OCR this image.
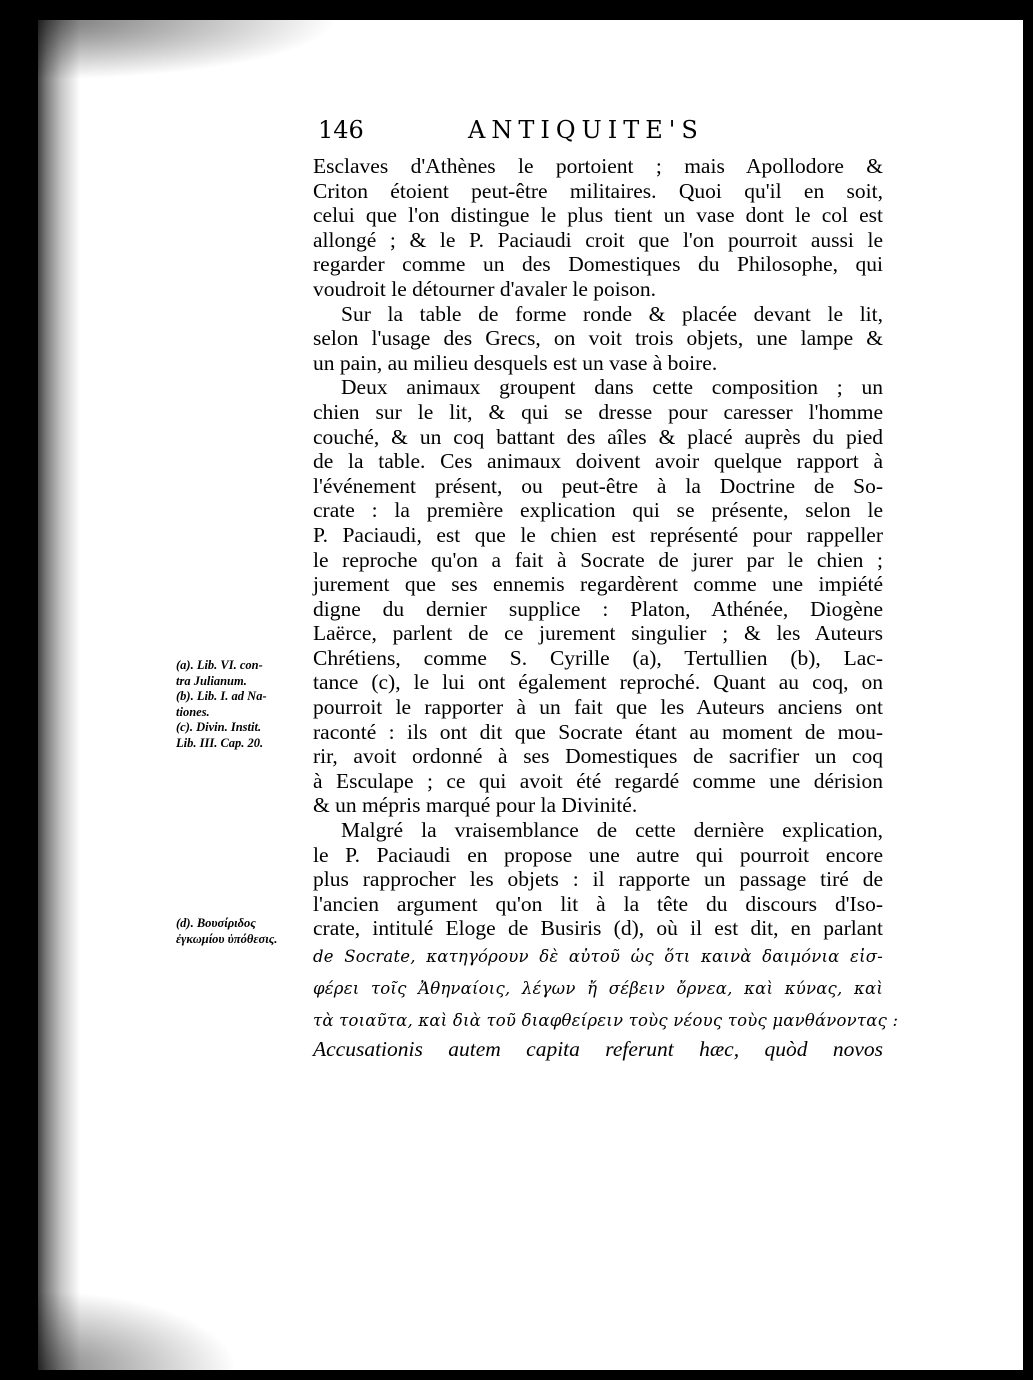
146	ANTIQUITE'S
Esclaves d'Athènes le portoient ; mais Apollodore &
Criton étoient peut-être militaires. Quoi qu'il en soit,
celui que l'on distingue le plus tient un vase dont le col est
allongé ; & le P. Paciaudi croit que l'on pourroit aussi le
regarder comme un des Domestiques du Philosophe, qui
voudroit le détourner d'avaler le poison.
Sur la table de forme ronde & placée devant le lit,
selon l'usage des Grecs, on voit trois objets, une lampe &
un pain, au milieu desquels est un vase à boire.
Deux animaux groupent dans cette composition ; un
chien sur le lit, & qui se dresse pour caresser l'homme
couché, & un coq battant des aîles & placé auprès du pied
de la table. Ces animaux doivent avoir quelque rapport à
l'événement présent, ou peut-être à la Doctrine de So-
crate : la première explication qui se présente, selon le
P. Paciaudi, est que le chien est représenté pour rappeller
le reproche qu'on a fait à Socrate de jurer par le chien ;
jurement que ses ennemis regardèrent comme une impiété
digne du dernier supplice : Platon, Athénée, Diogène
Laërce, parlent de ce jurement singulier ; & les Auteurs
Chrétiens, comme S. Cyrille (a), Tertullien (b), Lac-
tance (c), le lui ont également reproché. Quant au coq, on
pourroit le rapporter à un fait que les Auteurs anciens ont
raconté : ils ont dit que Socrate étant au moment de mou-
rir, avoit ordonné à ses Domestiques de sacrifier un coq
à Esculape ; ce qui avoit été regardé comme une dérision
& un mépris marqué pour la Divinité.
Malgré la vraisemblance de cette dernière explication,
le P. Paciaudi en propose une autre qui pourroit encore
plus rapprocher les objets : il rapporte un passage tiré de
l'ancien argument qu'on lit à la tête du discours d'Iso-
crate, intitulé Eloge de Busiris (d), où il est dit, en parlant
de Socrate, κατηγόρουν δὲ αὐτοῦ ὡς ὅτι καινὰ δαιμόνια εἰσ-
φέρει τοῖς Ἀθηναίοις, λέγων ἤ σέβειν ὄρνεα, καὶ κύνας, καὶ
τὰ τοιαῦτα, καὶ διὰ τοῦ διαφθείρειν τοὺς νέους τοὺς μανθάνοντας :
Accusationis autem capita referunt hæc, quòd novos
(a). Lib. VI. con-
tra Julianum.
(b). Lib. I. ad Na-
tiones.
(c). Divin. Instit.
Lib. III. Cap. 20.
(d). Βουσίριδος
ἐγκωμίου ὑπόθεσις.
